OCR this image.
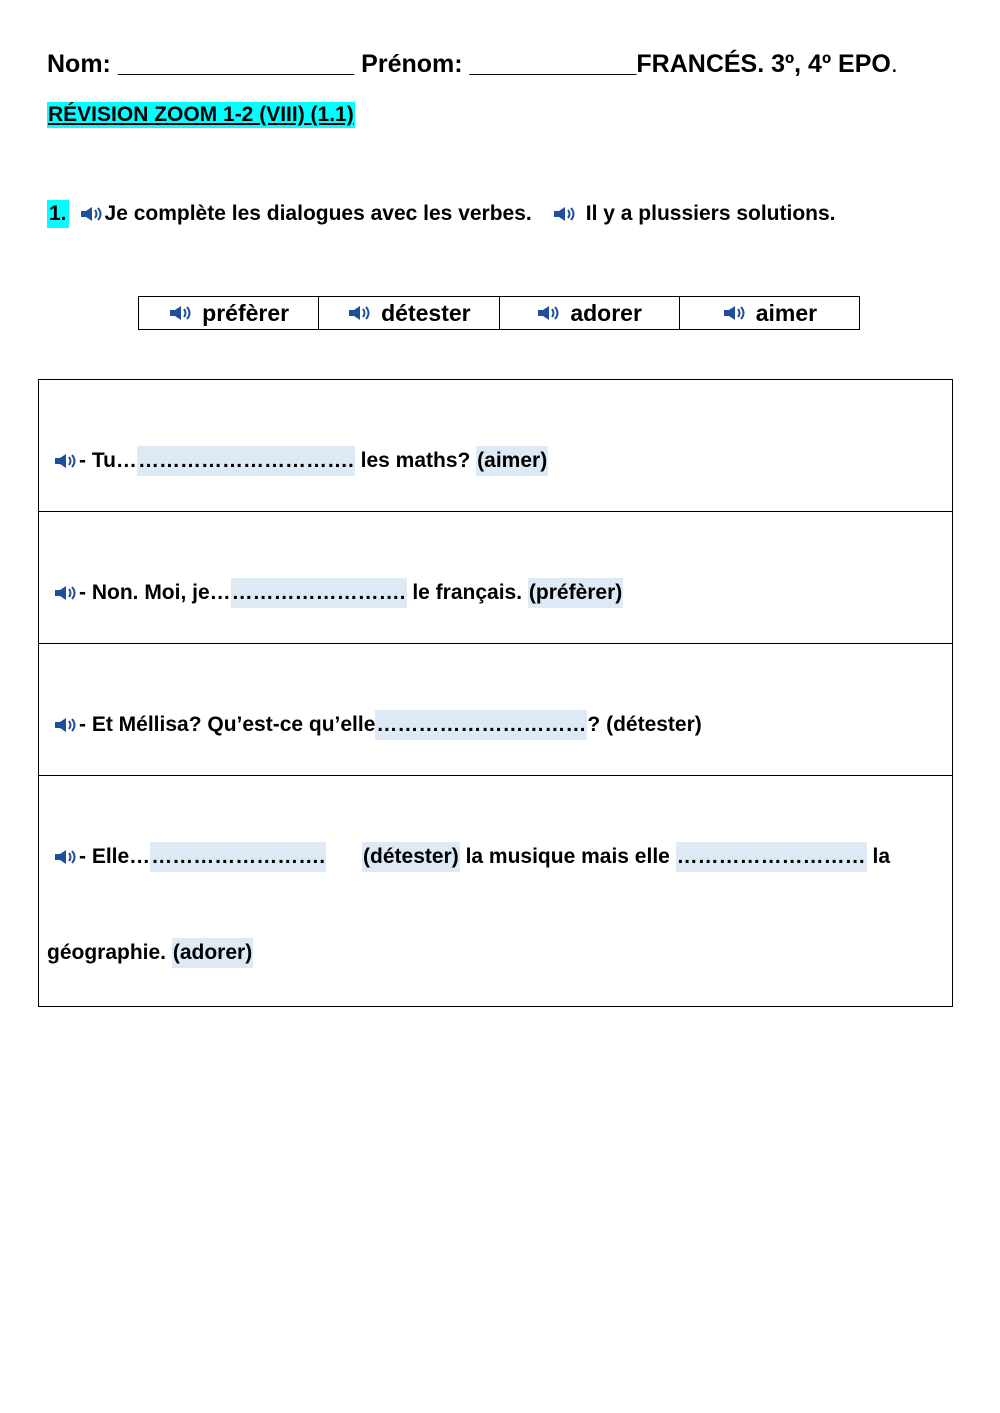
Nom: _________________ Prénom: ____________FRANCÉS. 3º, 4º EPO.
RÉVISION ZOOM 1-2 (VIII) (1.1)
1. Je complète les dialogues avec les verbes.	Il y a plussiers solutions.
préfèrer	détester	adorer	aimer
- Tu… …………………………. les maths? (aimer)
- Non. Moi, je… ……………………. le français. (préfèrer)
- Et Méllisa? Qu’est-ce qu’elle ………………………… ? (détester)
- Elle… ……………………. (détester) la musique mais elle ……………………… la
géographie. (adorer)
